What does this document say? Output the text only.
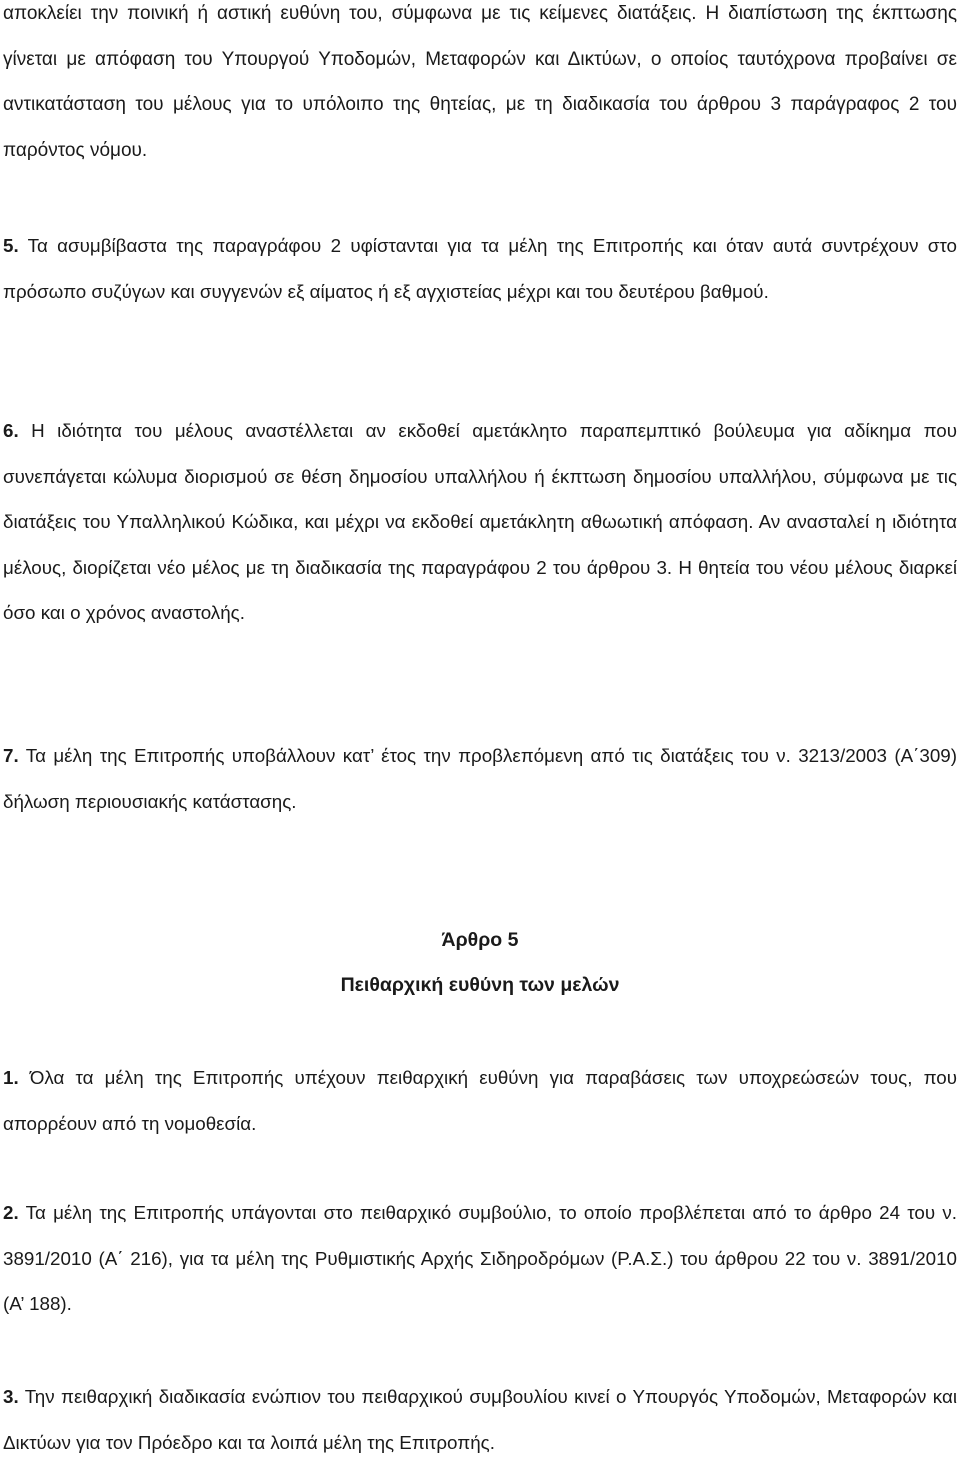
αποκλείει την ποινική ή αστική ευθύνη του, σύμφωνα με τις κείμενες διατάξεις. Η διαπίστωση της έκπτωσης γίνεται με απόφαση του Υπουργού Υποδομών, Μεταφορών και Δικτύων, ο οποίος ταυτόχρονα προβαίνει σε αντικατάσταση του μέλους για το υπόλοιπο της θητείας, με τη διαδικασία του άρθρου 3 παράγραφος 2 του παρόντος νόμου.

5. Τα ασυμβίβαστα της παραγράφου 2 υφίστανται για τα μέλη της Επιτροπής και όταν αυτά συντρέχουν στο πρόσωπο συζύγων και συγγενών εξ αίματος ή εξ αγχιστείας μέχρι και του δευτέρου βαθμού.

6. Η ιδιότητα του μέλους αναστέλλεται αν εκδοθεί αμετάκλητο παραπεμπτικό βούλευμα για αδίκημα που συνεπάγεται κώλυμα διορισμού σε θέση δημοσίου υπαλλήλου ή έκπτωση δημοσίου υπαλλήλου, σύμφωνα με τις διατάξεις του Υπαλληλικού Κώδικα, και μέχρι να εκδοθεί αμετάκλητη αθωωτική απόφαση. Αν ανασταλεί η ιδιότητα μέλους, διορίζεται νέο μέλος με τη διαδικασία της παραγράφου 2 του άρθρου 3. Η θητεία του νέου μέλους διαρκεί όσο και ο χρόνος αναστολής.

7. Τα μέλη της Επιτροπής υποβάλλουν κατ’ έτος την προβλεπόμενη από τις διατάξεις του ν. 3213/2003 (Α΄309) δήλωση περιουσιακής κατάστασης.

Άρθρο 5
Πειθαρχική ευθύνη των μελών

1. Όλα τα μέλη της Επιτροπής υπέχουν πειθαρχική ευθύνη για παραβάσεις των υποχρεώσεών τους, που απορρέουν από τη νομοθεσία.

2. Τα μέλη της Επιτροπής υπάγονται στο πειθαρχικό συμβούλιο, το οποίο προβλέπεται από το άρθρο 24 του ν. 3891/2010 (Α΄ 216), για τα μέλη της Ρυθμιστικής Αρχής Σιδηροδρόμων (Ρ.Α.Σ.) του άρθρου 22 του ν. 3891/2010 (Α’ 188).

3. Την πειθαρχική διαδικασία ενώπιον του πειθαρχικού συμβουλίου κινεί ο Υπουργός Υποδομών, Μεταφορών και Δικτύων για τον Πρόεδρο και τα λοιπά μέλη της Επιτροπής.
